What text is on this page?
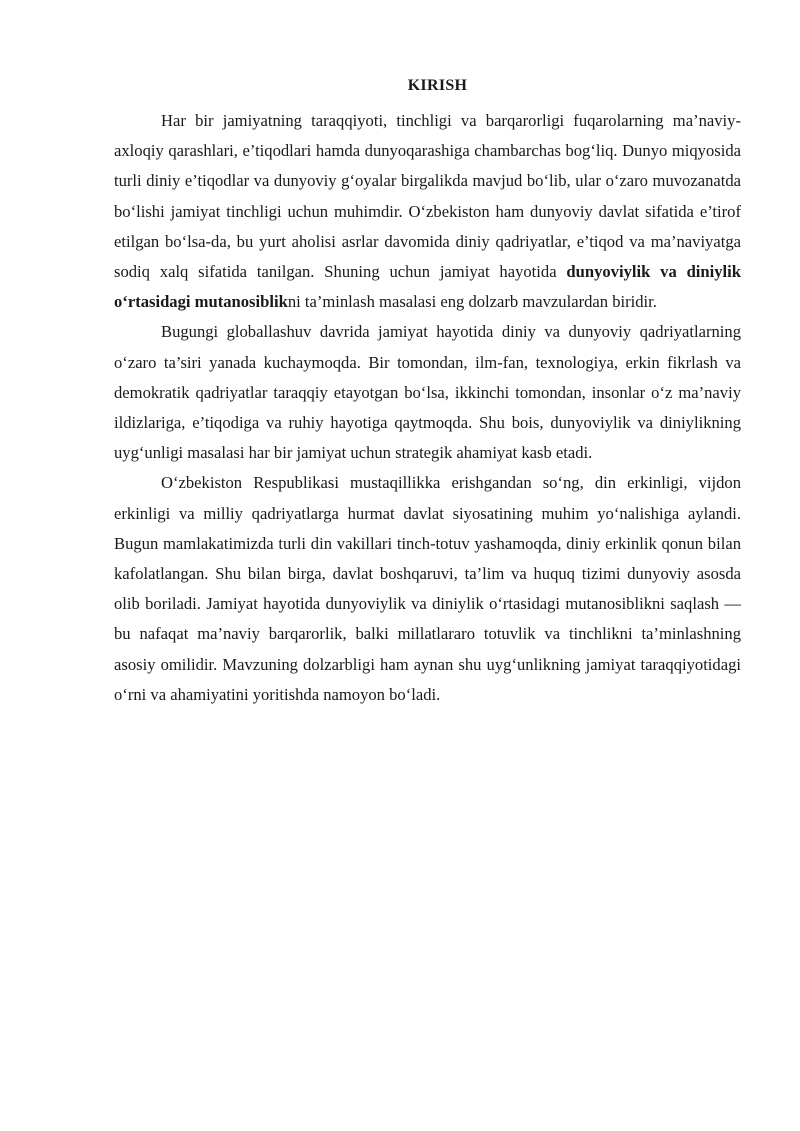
KIRISH

Har bir jamiyatning taraqqiyoti, tinchligi va barqarorligi fuqarolarning ma’naviy-axloqiy qarashlari, e’tiqodlari hamda dunyoqarashiga chambarchas bog‘liq. Dunyo miqyosida turli diniy e’tiqodlar va dunyoviy g‘oyalar birgalikda mavjud bo‘lib, ular o‘zaro muvozanatda bo‘lishi jamiyat tinchligi uchun muhimdir. O‘zbekiston ham dunyoviy davlat sifatida e’tirof etilgan bo‘lsa-da, bu yurt aholisi asrlar davomida diniy qadriyatlar, e’tiqod va ma’naviyatga sodiq xalq sifatida tanilgan. Shuning uchun jamiyat hayotida dunyoviylik va diniylik o‘rtasidagi mutanosiblikni ta’minlash masalasi eng dolzarb mavzulardan biridir.

Bugungi globallashuv davrida jamiyat hayotida diniy va dunyoviy qadriyatlarning o‘zaro ta’siri yanada kuchaymoqda. Bir tomondan, ilm-fan, texnologiya, erkin fikrlash va demokratik qadriyatlar taraqqiy etayotgan bo‘lsa, ikkinchi tomondan, insonlar o‘z ma’naviy ildizlariga, e’tiqodiga va ruhiy hayotiga qaytmoqda. Shu bois, dunyoviylik va diniylikning uyg‘unligi masalasi har bir jamiyat uchun strategik ahamiyat kasb etadi.

O‘zbekiston Respublikasi mustaqillikka erishgandan so‘ng, din erkinligi, vijdon erkinligi va milliy qadriyatlarga hurmat davlat siyosatining muhim yo‘nalishiga aylandi. Bugun mamlakatimizda turli din vakillari tinch-totuv yashamoqda, diniy erkinlik qonun bilan kafolatlangan. Shu bilan birga, davlat boshqaruvi, ta’lim va huquq tizimi dunyoviy asosda olib boriladi. Jamiyat hayotida dunyoviylik va diniylik o‘rtasidagi mutanosiblikni saqlash — bu nafaqat ma’naviy barqarorlik, balki millatlararo totuvlik va tinchlikni ta’minlashning asosiy omilidir. Mavzuning dolzarbligi ham aynan shu uyg‘unlikning jamiyat taraqqiyotidagi o‘rni va ahamiyatini yoritishda namoyon bo‘ladi.
